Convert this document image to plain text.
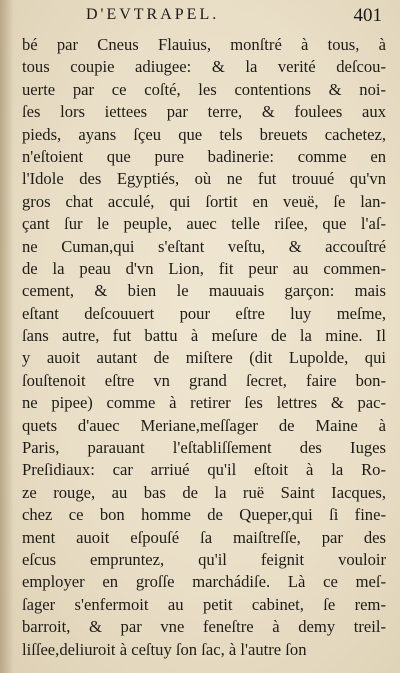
D'EVTRAPEL.	401
bé par Cneus Flauius, monſtré à tous, à
tous coupie adiugee: & la verité deſcou-
uerte par ce coſté, les contentions & noi-
ſes lors iettees par terre, & foulees aux
pieds, ayans ſçeu que tels breuets cachetez,
n'eſtoient que pure badinerie: comme en
l'Idole des Egyptiés, où ne fut trouué qu'vn
gros chat acculé, qui ſortit en veuë, ſe lan-
çant ſur le peuple, auec telle riſee, que l'aſ-
ne Cuman,qui s'eſtant veſtu, & accouſtré
de la peau d'vn Lion, fit peur au commen-
cement, & bien le mauuais garçon: mais
eſtant deſcouuert pour eſtre luy meſme,
ſans autre, fut battu à meſure de la mine. Il
y auoit autant de miſtere (dit Lupolde, qui
ſouſtenoit eſtre vn grand ſecret, faire bon-
ne pipee) comme à retirer ſes lettres & pac-
quets d'auec Meriane,meſſager de Maine à
Paris, parauant l'eſtabliſſement des Iuges
Preſidiaux: car arriué qu'il eſtoit à la Ro-
ze rouge, au bas de la ruë Saint Iacques,
chez ce bon homme de Queper,qui ſi fine-
ment auoit eſpouſé ſa maiſtreſſe, par des
eſcus empruntez, qu'il feignit vouloir
employer en groſſe marchádiſe. Là ce meſ-
ſager s'enfermoit au petit cabinet, ſe rem-
barroit, & par vne feneſtre à demy treil-
liſſee,deliuroit à ceſtuy ſon ſac, à l'autre ſon
